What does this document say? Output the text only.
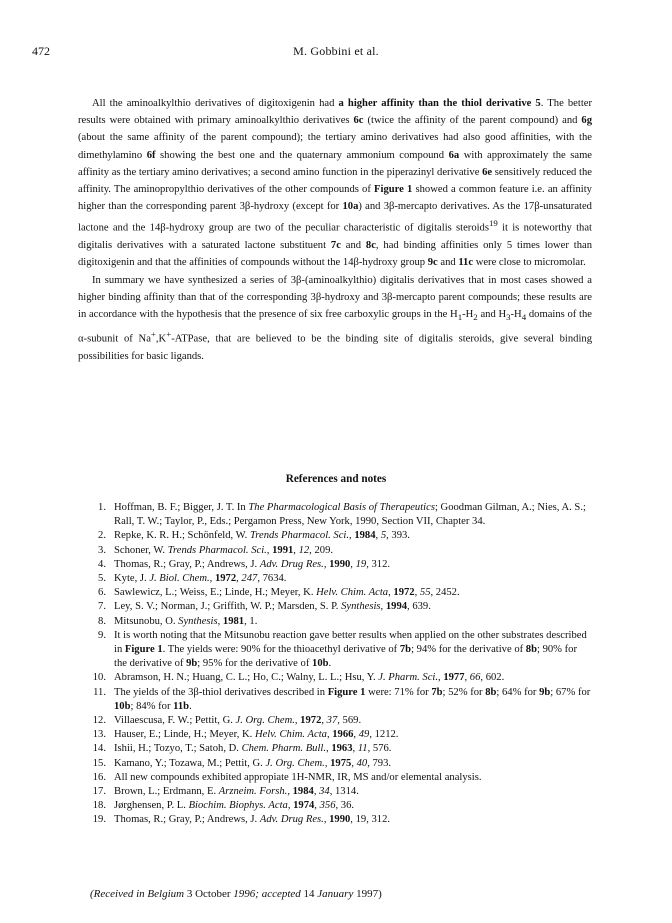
472	M. Gobbini et al.

All the aminoalkylthio derivatives of digitoxigenin had a higher affinity than the thiol derivative 5. The better results were obtained with primary aminoalkylthio derivatives 6c (twice the affinity of the parent compound) and 6g (about the same affinity of the parent compound); the tertiary amino derivatives had also good affinities, with the dimethylamino 6f showing the best one and the quaternary ammonium compound 6a with approximately the same affinity as the tertiary amino derivatives; a second amino function in the piperazinyl derivative 6e sensitively reduced the affinity. The aminopropylthio derivatives of the other compounds of Figure 1 showed a common feature i.e. an affinity higher than the corresponding parent 3β-hydroxy (except for 10a) and 3β-mercapto derivatives. As the 17β-unsaturated lactone and the 14β-hydroxy group are two of the peculiar characteristic of digitalis steroids$^{19}$ it is noteworthy that digitalis derivatives with a saturated lactone substituent 7c and 8c, had binding affinities only 5 times lower than digitoxigenin and that the affinities of compounds without the 14β-hydroxy group 9c and 11c were close to micromolar.

In summary we have synthesized a series of 3β-(aminoalkylthio) digitalis derivatives that in most cases showed a higher binding affinity than that of the corresponding 3β-hydroxy and 3β-mercapto parent compounds; these results are in accordance with the hypothesis that the presence of six free carboxylic groups in the $H_1-H_2$ and $H_3-H_4$ domains of the α-subunit of Na+,K+-ATPase, that are believed to be the binding site of digitalis steroids, give several binding possibilities for basic ligands.

References and notes
1. Hoffman, B. F.; Bigger, J. T. In The Pharmacological Basis of Therapeutics; Goodman Gilman, A.; Nies, A. S.; Rall, T. W.; Taylor, P., Eds.; Pergamon Press, New York, 1990, Section VII, Chapter 34.
2. Repke, K. R. H.; Schönfeld, W. Trends Pharmacol. Sci., 1984, 5, 393.
3. Schoner, W. Trends Pharmacol. Sci., 1991, 12, 209.
4. Thomas, R.; Gray, P.; Andrews, J. Adv. Drug Res., 1990, 19, 312.
5. Kyte, J. J. Biol. Chem., 1972, 247, 7634.
6. Sawlewicz, L.; Weiss, E.; Linde, H.; Meyer, K. Helv. Chim. Acta, 1972, 55, 2452.
7. Ley, S. V.; Norman, J.; Griffith, W. P.; Marsden, S. P. Synthesis, 1994, 639.
8. Mitsunobu, O. Synthesis, 1981, 1.
9. It is worth noting that the Mitsunobu reaction gave better results when applied on the other substrates described in Figure 1. The yields were: 90% for the thioacethyl derivative of 7b; 94% for the derivative of 8b; 90% for the derivative of 9b; 95% for the derivative of 10b.
10. Abramson, H. N.; Huang, C. L.; Ho, C.; Walny, L. L.; Hsu, Y. J. Pharm. Sci., 1977, 66, 602.
11. The yields of the 3β-thiol derivatives described in Figure 1 were: 71% for 7b; 52% for 8b; 64% for 9b; 67% for 10b; 84% for 11b.
12. Villaescusa, F. W.; Pettit, G. J. Org. Chem., 1972, 37, 569.
13. Hauser, E.; Linde, H.; Meyer, K. Helv. Chim. Acta, 1966, 49, 1212.
14. Ishii, H.; Tozyo, T.; Satoh, D. Chem. Pharm. Bull., 1963, 11, 576.
15. Kamano, Y.; Tozawa, M.; Pettit, G. J. Org. Chem., 1975, 40, 793.
16. All new compounds exhibited appropiate 1H-NMR, IR, MS and/or elemental analysis.
17. Brown, L.; Erdmann, E. Arzneim. Forsh., 1984, 34, 1314.
18. Jørghensen, P. L. Biochim. Biophys. Acta, 1974, 356, 36.
19. Thomas, R.; Gray, P.; Andrews, J. Adv. Drug Res., 1990, 19, 312.
(Received in Belgium 3 October 1996; accepted 14 January 1997)
